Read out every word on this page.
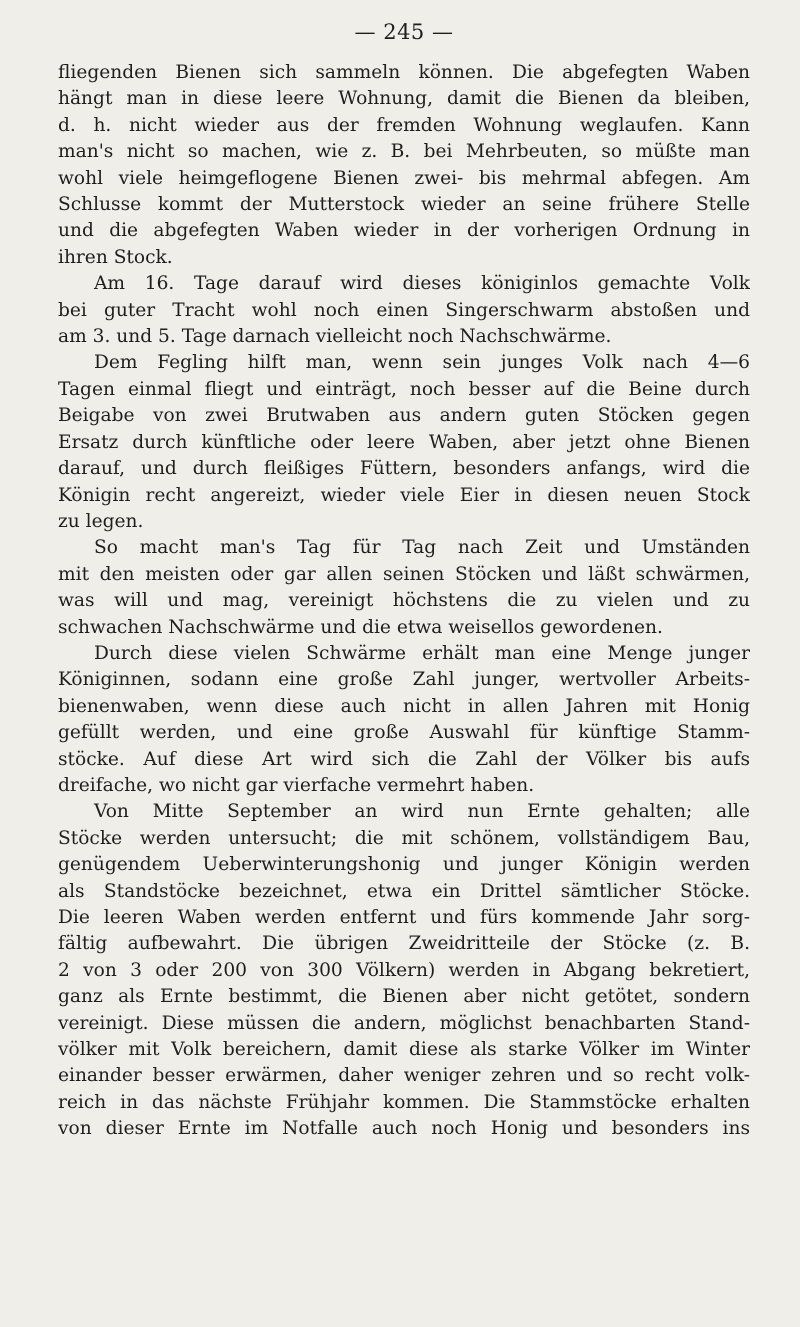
— 245 —
fliegenden Bienen sich sammeln können. Die abgefegten Waben
hängt man in diese leere Wohnung, damit die Bienen da bleiben,
d. h. nicht wieder aus der fremden Wohnung weglaufen. Kann
man's nicht so machen, wie z. B. bei Mehrbeuten, so müßte man
wohl viele heimgeflogene Bienen zwei- bis mehrmal abfegen. Am
Schlusse kommt der Mutterstock wieder an seine frühere Stelle
und die abgefegten Waben wieder in der vorherigen Ordnung in
ihren Stock.
Am 16. Tage darauf wird dieses königinlos gemachte Volk
bei guter Tracht wohl noch einen Singerschwarm abstoßen und
am 3. und 5. Tage darnach vielleicht noch Nachschwärme.
Dem Fegling hilft man, wenn sein junges Volk nach 4—6
Tagen einmal fliegt und einträgt, noch besser auf die Beine durch
Beigabe von zwei Brutwaben aus andern guten Stöcken gegen
Ersatz durch künftliche oder leere Waben, aber jetzt ohne Bienen
darauf, und durch fleißiges Füttern, besonders anfangs, wird die
Königin recht angereizt, wieder viele Eier in diesen neuen Stock
zu legen.
So macht man's Tag für Tag nach Zeit und Umständen
mit den meisten oder gar allen seinen Stöcken und läßt schwärmen,
was will und mag, vereinigt höchstens die zu vielen und zu
schwachen Nachschwärme und die etwa weisellos gewordenen.
Durch diese vielen Schwärme erhält man eine Menge junger
Königinnen, sodann eine große Zahl junger, wertvoller Arbeits-
bienenwaben, wenn diese auch nicht in allen Jahren mit Honig
gefüllt werden, und eine große Auswahl für künftige Stamm-
stöcke. Auf diese Art wird sich die Zahl der Völker bis aufs
dreifache, wo nicht gar vierfache vermehrt haben.
Von Mitte September an wird nun Ernte gehalten; alle
Stöcke werden untersucht; die mit schönem, vollständigem Bau,
genügendem Ueberwinterungshonig und junger Königin werden
als Standstöcke bezeichnet, etwa ein Drittel sämtlicher Stöcke.
Die leeren Waben werden entfernt und fürs kommende Jahr sorg-
fältig aufbewahrt. Die übrigen Zweidritteile der Stöcke (z. B.
2 von 3 oder 200 von 300 Völkern) werden in Abgang bekretiert,
ganz als Ernte bestimmt, die Bienen aber nicht getötet, sondern
vereinigt. Diese müssen die andern, möglichst benachbarten Stand-
völker mit Volk bereichern, damit diese als starke Völker im Winter
einander besser erwärmen, daher weniger zehren und so recht volk-
reich in das nächste Frühjahr kommen. Die Stammstöcke erhalten
von dieser Ernte im Notfalle auch noch Honig und besonders ins
